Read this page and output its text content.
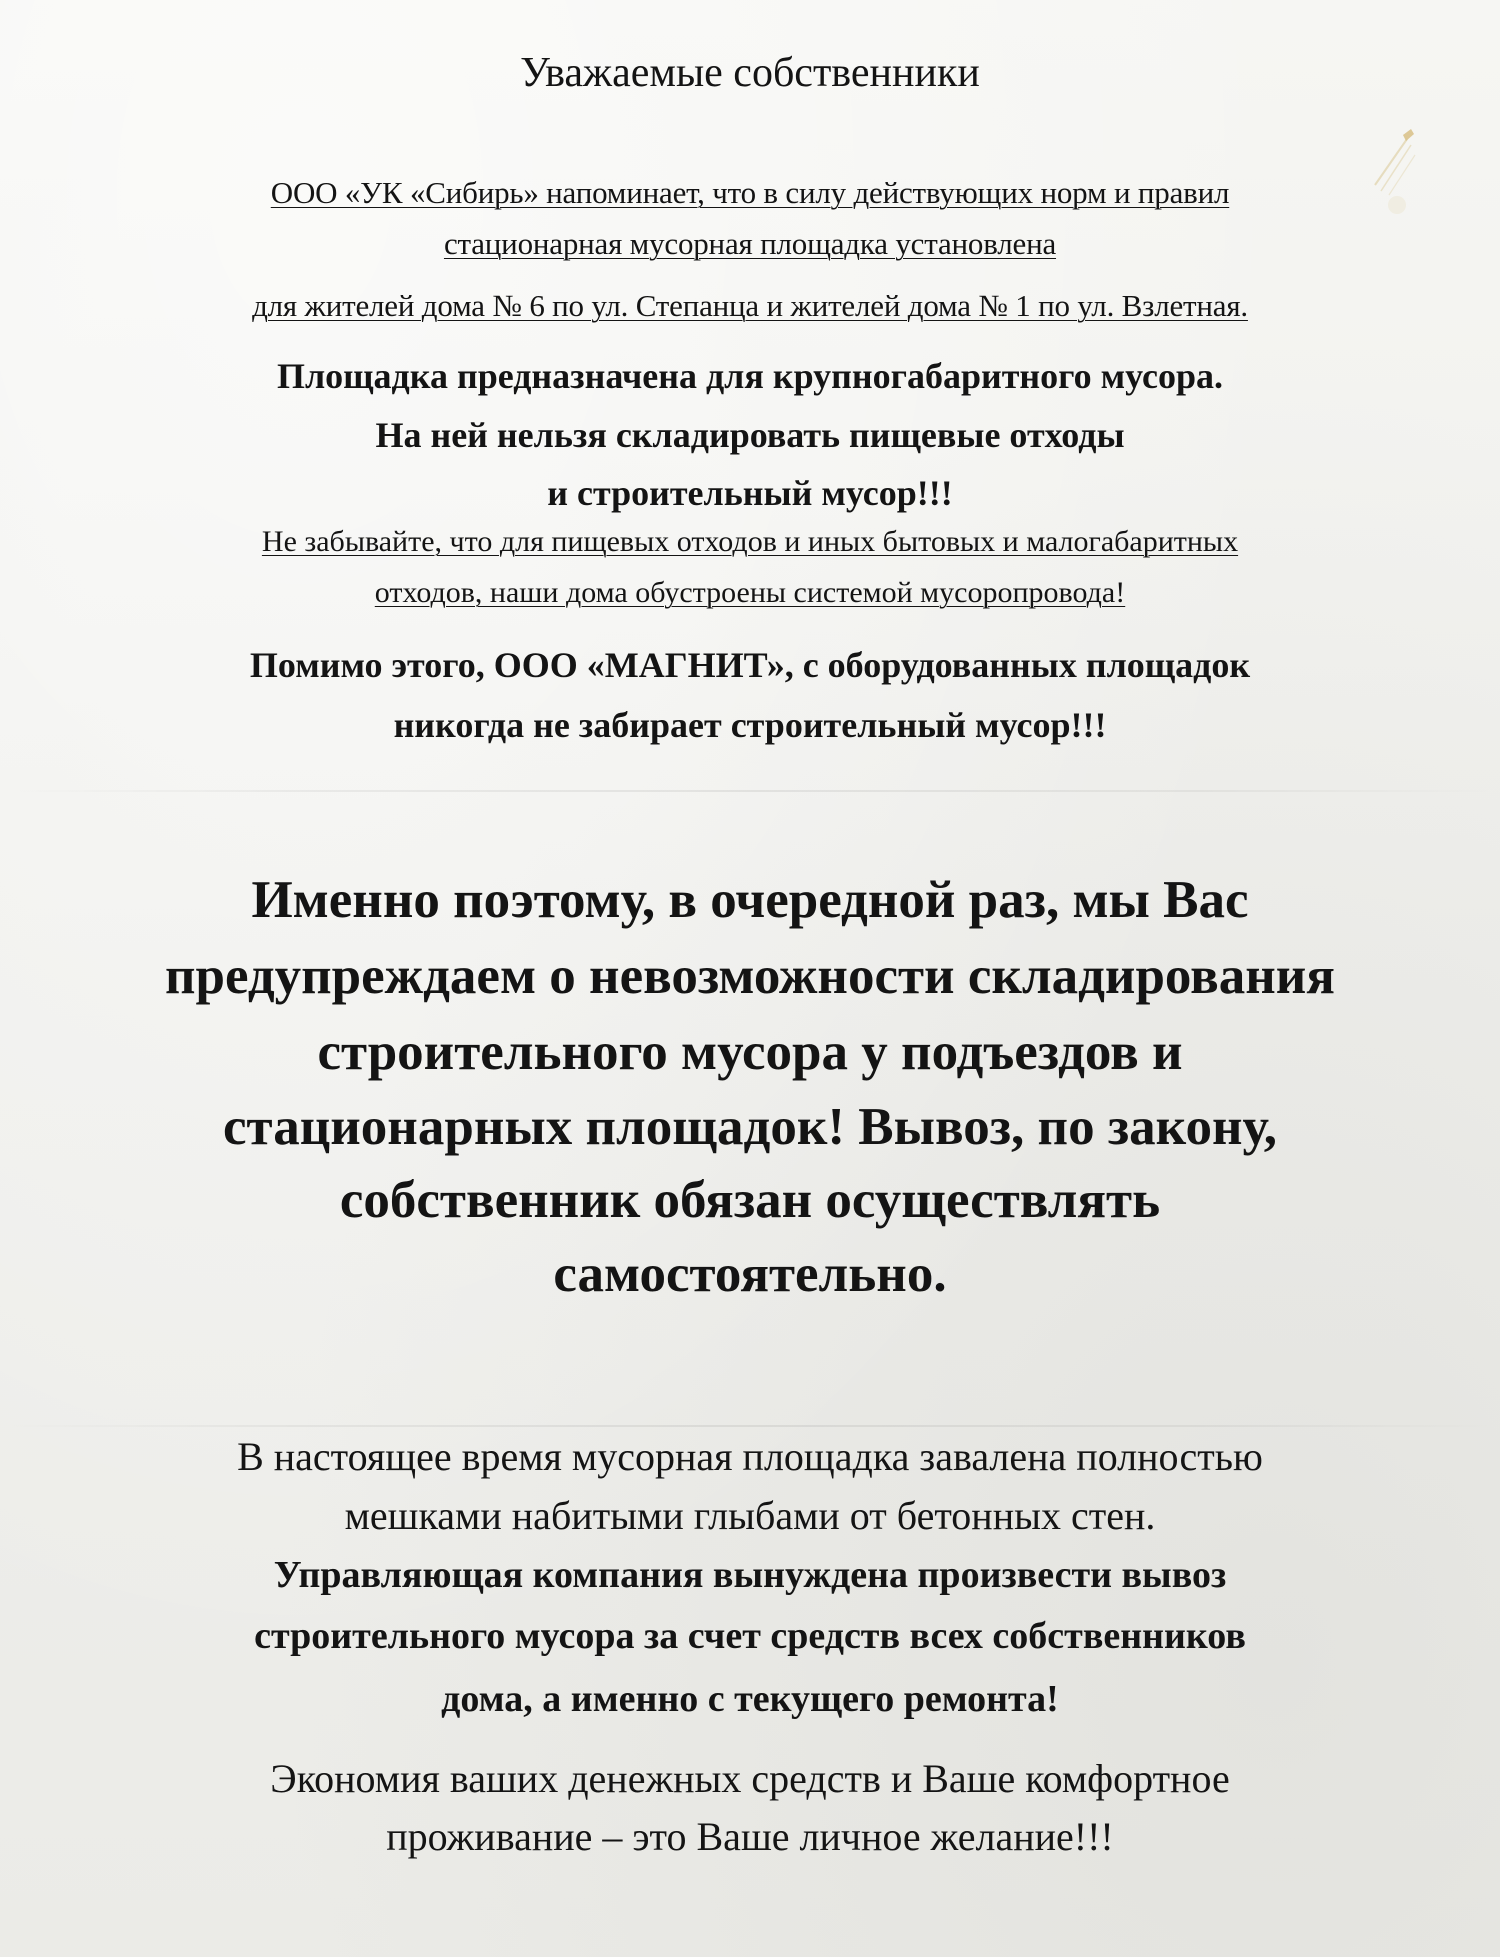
Уважаемые собственники
ООО «УК «Сибирь» напоминает, что в силу действующих норм и правил
стационарная мусорная площадка установлена
для жителей дома № 6 по ул. Степанца и жителей дома № 1 по ул. Взлетная.
Площадка предназначена для крупногабаритного мусора.
На ней нельзя складировать пищевые отходы
и строительный мусор!!!
Не забывайте, что для пищевых отходов и иных бытовых и малогабаритных
отходов, наши дома обустроены системой мусоропровода!
Помимо этого, ООО «МАГНИТ», с оборудованных площадок
никогда не забирает строительный мусор!!!
Именно поэтому, в очередной раз, мы Вас
предупреждаем о невозможности складирования
строительного мусора у подъездов и
стационарных площадок! Вывоз, по закону,
собственник обязан осуществлять
самостоятельно.
В настоящее время мусорная площадка завалена полностью
мешками набитыми глыбами от бетонных стен.
Управляющая компания вынуждена произвести вывоз
строительного мусора за счет средств всех собственников
дома, а именно с текущего ремонта!
Экономия ваших денежных средств и Ваше комфортное
проживание – это Ваше личное желание!!!
